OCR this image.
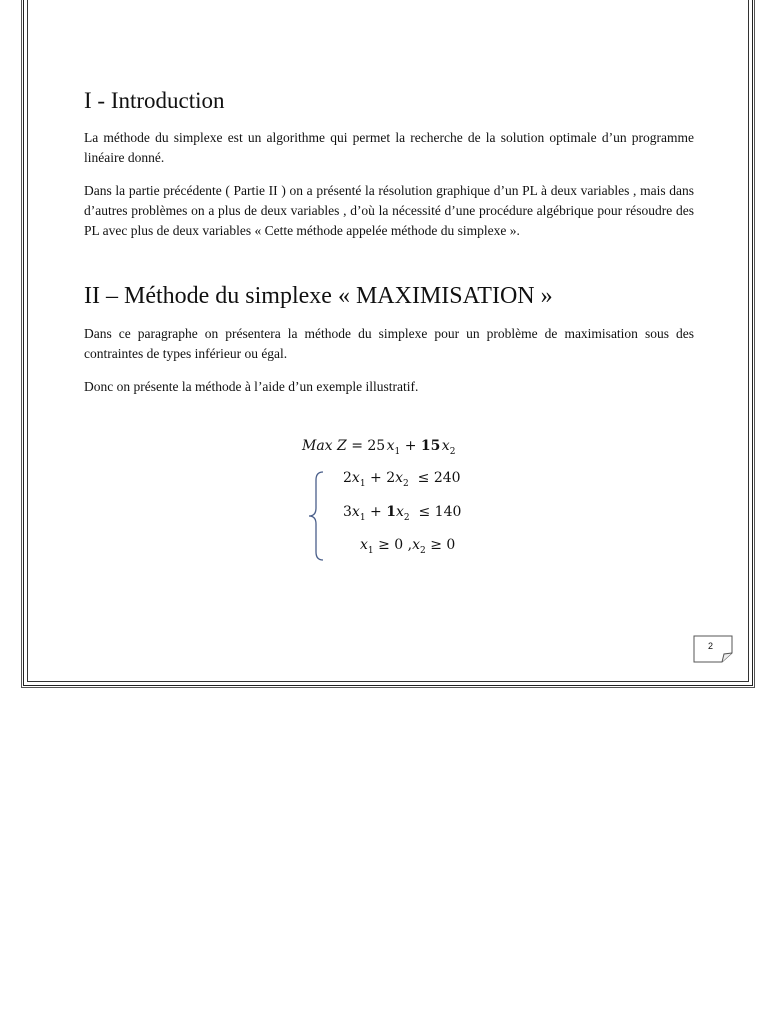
I - Introduction

La méthode du simplexe est un algorithme qui permet la recherche de la solution optimale d’un programme linéaire donné.

Dans la partie précédente ( Partie II ) on a présenté la résolution graphique d’un PL à deux variables , mais dans d’autres problèmes on a plus de deux variables , d’où la nécessité d’une procédure algébrique pour résoudre des PL avec plus de deux variables « Cette méthode appelée méthode du simplexe ».

II – Méthode du simplexe « MAXIMISATION »

Dans ce paragraphe on présentera la méthode du simplexe pour un problème de maximisation sous des contraintes de types inférieur ou égal.

Donc on présente la méthode à l’aide d’un exemple illustratif.

Max Z = 25 $x_1 + 15$ $x_2$
$2x_1 + 2x_2 \le 240$
$3x_1 + 1x_2 \le 140$
$x_1 \ge 0$ $,x_2 \ge 0$
2
